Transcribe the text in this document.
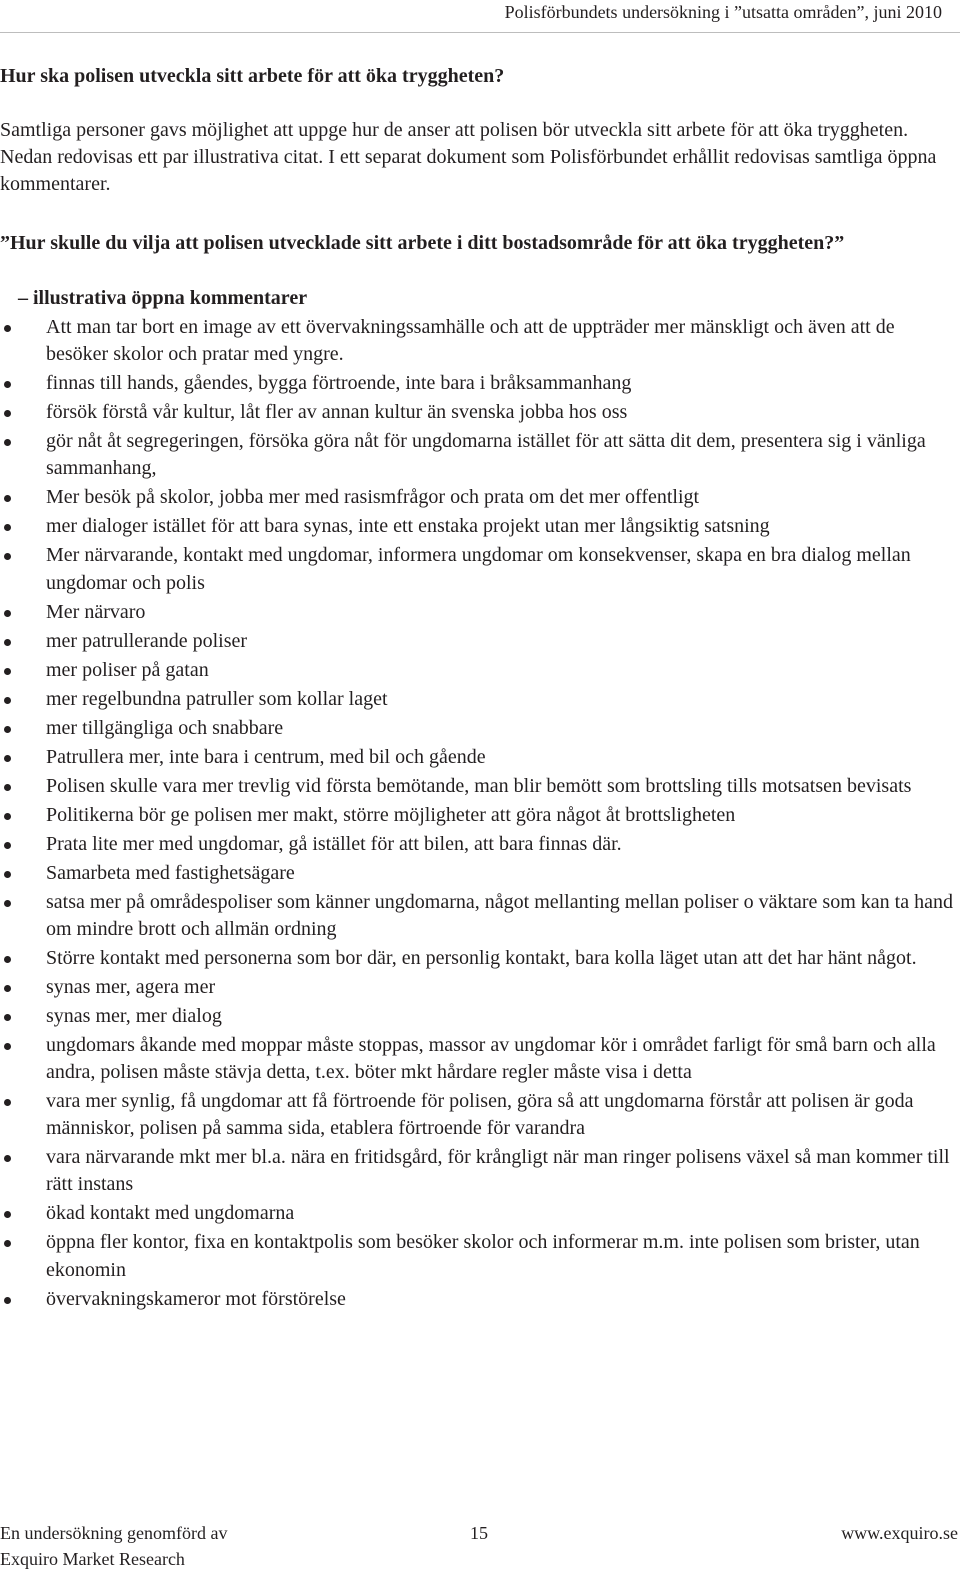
Polisförbundets undersökning i ”utsatta områden”, juni 2010
Hur ska polisen utveckla sitt arbete för att öka tryggheten?
Samtliga personer gavs möjlighet att uppge hur de anser att polisen bör utveckla sitt arbete för att öka tryggheten. Nedan redovisas ett par illustrativa citat. I ett separat dokument som Polisförbundet erhållit redovisas samtliga öppna kommentarer.
”Hur skulle du vilja att polisen utvecklade sitt arbete i ditt bostadsområde för att öka tryggheten?”
– illustrativa öppna kommentarer
Att man tar bort en image av ett övervakningssamhälle och att de uppträder mer mänskligt och även att de besöker skolor och pratar med yngre.
finnas till hands, gåendes, bygga förtroende, inte bara i bråksammanhang
försök förstå vår kultur, låt fler av annan kultur än svenska jobba hos oss
gör nåt åt segregeringen, försöka göra nåt för ungdomarna istället för att sätta dit dem, presentera sig i vänliga sammanhang,
Mer besök på skolor, jobba mer med rasismfrågor och prata om det mer offentligt
mer dialoger istället för att bara synas, inte ett enstaka projekt utan mer långsiktig satsning
Mer närvarande, kontakt med ungdomar, informera ungdomar om konsekvenser, skapa en bra dialog mellan ungdomar och polis
Mer närvaro
mer patrullerande poliser
mer poliser på gatan
mer regelbundna patruller som kollar laget
mer tillgängliga och snabbare
Patrullera mer, inte bara i centrum, med bil och gående
Polisen skulle vara mer trevlig vid första bemötande, man blir bemött som brottsling tills motsatsen bevisats
Politikerna bör ge polisen mer makt, större möjligheter att göra något åt brottsligheten
Prata lite mer med ungdomar, gå istället för att bilen, att bara finnas där.
Samarbeta med fastighetsägare
satsa mer på områdespoliser som känner ungdomarna, något mellanting mellan poliser o väktare som kan ta hand om mindre brott och allmän ordning
Större kontakt med personerna som bor där, en personlig kontakt, bara kolla läget utan att det har hänt något.
synas mer, agera mer
synas mer, mer dialog
ungdomars åkande med moppar måste stoppas, massor av ungdomar kör i området farligt för små barn och alla andra, polisen måste stävja detta, t.ex. böter mkt hårdare regler måste visa i detta
vara mer synlig, få ungdomar att få förtroende för polisen, göra så att ungdomarna förstår att polisen är goda människor, polisen på samma sida, etablera förtroende för varandra
vara närvarande mkt mer bl.a. nära en fritidsgård, för krångligt när man ringer polisens växel så man kommer till rätt instans
ökad kontakt med ungdomarna
öppna fler kontor, fixa en kontaktpolis som besöker skolor och informerar m.m. inte polisen som brister, utan ekonomin
övervakningskameror mot förstörelse
En undersökning genomförd av
Exquiro Market Research
15	www.exquiro.se
